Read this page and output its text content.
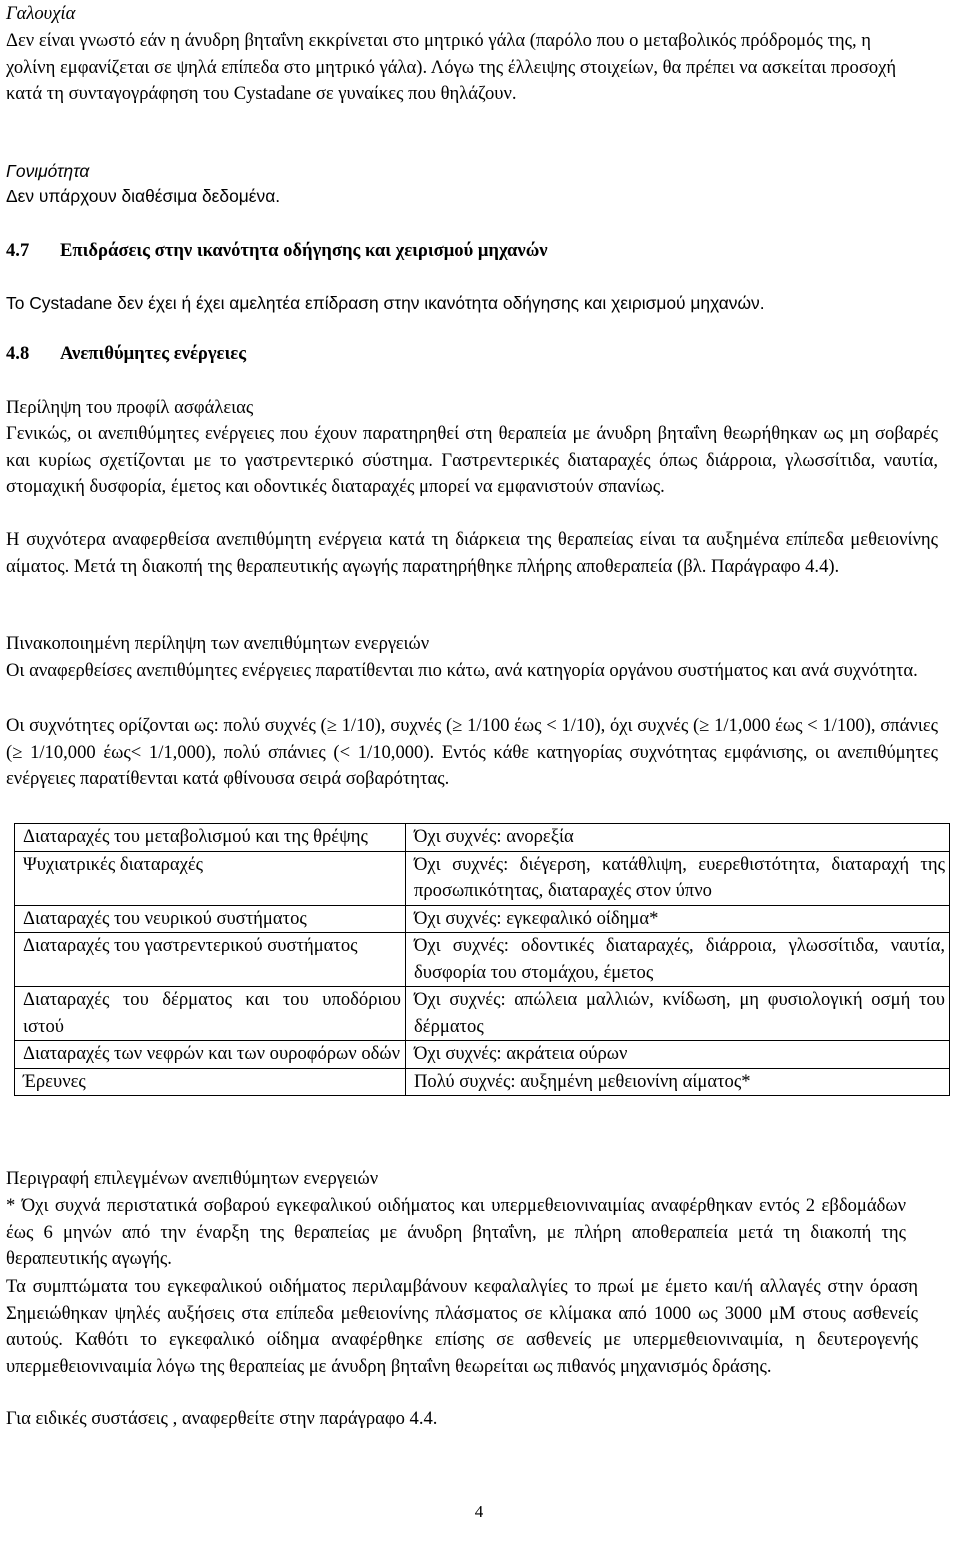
Γαλουχία

Δεν είναι γνωστό εάν η άνυδρη βηταΐνη εκκρίνεται στο μητρικό γάλα (παρόλο που ο μεταβολικός πρόδρομός της, η χολίνη εμφανίζεται σε ψηλά επίπεδα στο μητρικό γάλα). Λόγω της έλλειψης στοιχείων, θα πρέπει να ασκείται προσοχή κατά τη συνταγογράφηση του Cystadane σε γυναίκες που θηλάζουν.

Γονιμότητα

Δεν υπάρχουν διαθέσιμα δεδομένα.

4.7 Επιδράσεις στην ικανότητα οδήγησης και χειρισμού μηχανών

Το Cystadane δεν έχει ή έχει αμελητέα επίδραση στην ικανότητα οδήγησης και χειρισμού μηχανών.

4.8 Ανεπιθύμητες ενέργειες

Περίληψη του προφίλ ασφάλειας

Γενικώς, οι ανεπιθύμητες ενέργειες που έχουν παρατηρηθεί στη θεραπεία με άνυδρη βηταΐνη θεωρήθηκαν ως μη σοβαρές και κυρίως σχετίζονται με το γαστρεντερικό σύστημα. Γαστρεντερικές διαταραχές όπως διάρροια, γλωσσίτιδα, ναυτία, στομαχική δυσφορία, έμετος και οδοντικές διαταραχές μπορεί να εμφανιστούν σπανίως.

Η συχνότερα αναφερθείσα ανεπιθύμητη ενέργεια κατά τη διάρκεια της θεραπείας είναι τα αυξημένα επίπεδα μεθειονίνης αίματος. Μετά τη διακοπή της θεραπευτικής αγωγής παρατηρήθηκε πλήρης αποθεραπεία (βλ. Παράγραφο 4.4).

Πινακοποιημένη περίληψη των ανεπιθύμητων ενεργειών

Οι αναφερθείσες ανεπιθύμητες ενέργειες παρατίθενται πιο κάτω, ανά κατηγορία οργάνου συστήματος και ανά συχνότητα.

Οι συχνότητες ορίζονται ως: πολύ συχνές (≥ 1/10), συχνές (≥ 1/100 έως < 1/10), όχι συχνές (≥ 1/1,000 έως < 1/100), σπάνιες (≥ 1/10,000 έως< 1/1,000), πολύ σπάνιες (< 1/10,000). Εντός κάθε κατηγορίας συχνότητας εμφάνισης, οι ανεπιθύμητες ενέργειες παρατίθενται κατά φθίνουσα σειρά σοβαρότητας.

Διαταραχές του μεταβολισμού και της θρέψης	Όχι συχνές: ανορεξία
Ψυχιατρικές διαταραχές	Όχι συχνές: διέγερση, κατάθλιψη, ευερεθιστότητα, διαταραχή της προσωπικότητας, διαταραχές στον ύπνο
Διαταραχές του νευρικού συστήματος	Όχι συχνές: εγκεφαλικό οίδημα*
Διαταραχές του γαστρεντερικού συστήματος	Όχι συχνές: οδοντικές διαταραχές, διάρροια, γλωσσίτιδα, ναυτία, δυσφορία του στομάχου, έμετος
Διαταραχές του δέρματος και του υποδόριου ιστού	Όχι συχνές: απώλεια μαλλιών, κνίδωση, μη φυσιολογική οσμή του δέρματος
Διαταραχές των νεφρών και των ουροφόρων οδών	Όχι συχνές: ακράτεια ούρων
Έρευνες	Πολύ συχνές: αυξημένη μεθειονίνη αίματος*

Περιγραφή επιλεγμένων ανεπιθύμητων ενεργειών

* Όχι συχνά περιστατικά σοβαρού εγκεφαλικού οιδήματος και υπερμεθειονιναιμίας αναφέρθηκαν εντός 2 εβδομάδων έως 6 μηνών από την έναρξη της θεραπείας με άνυδρη βηταΐνη, με πλήρη αποθεραπεία μετά τη διακοπή της θεραπευτικής αγωγής.

Τα συμπτώματα του εγκεφαλικού οιδήματος περιλαμβάνουν κεφαλαλγίες το πρωί με έμετο και/ή αλλαγές στην όραση Σημειώθηκαν ψηλές αυξήσεις στα επίπεδα μεθειονίνης πλάσματος σε κλίμακα από 1000 ως 3000 μΜ στους ασθενείς αυτούς. Καθότι το εγκεφαλικό οίδημα αναφέρθηκε επίσης σε ασθενείς με υπερμεθειονιναιμία, η δευτερογενής υπερμεθειονιναιμία λόγω της θεραπείας με άνυδρη βηταΐνη θεωρείται ως πιθανός μηχανισμός δράσης.

Για ειδικές συστάσεις , αναφερθείτε στην παράγραφο 4.4.

4
